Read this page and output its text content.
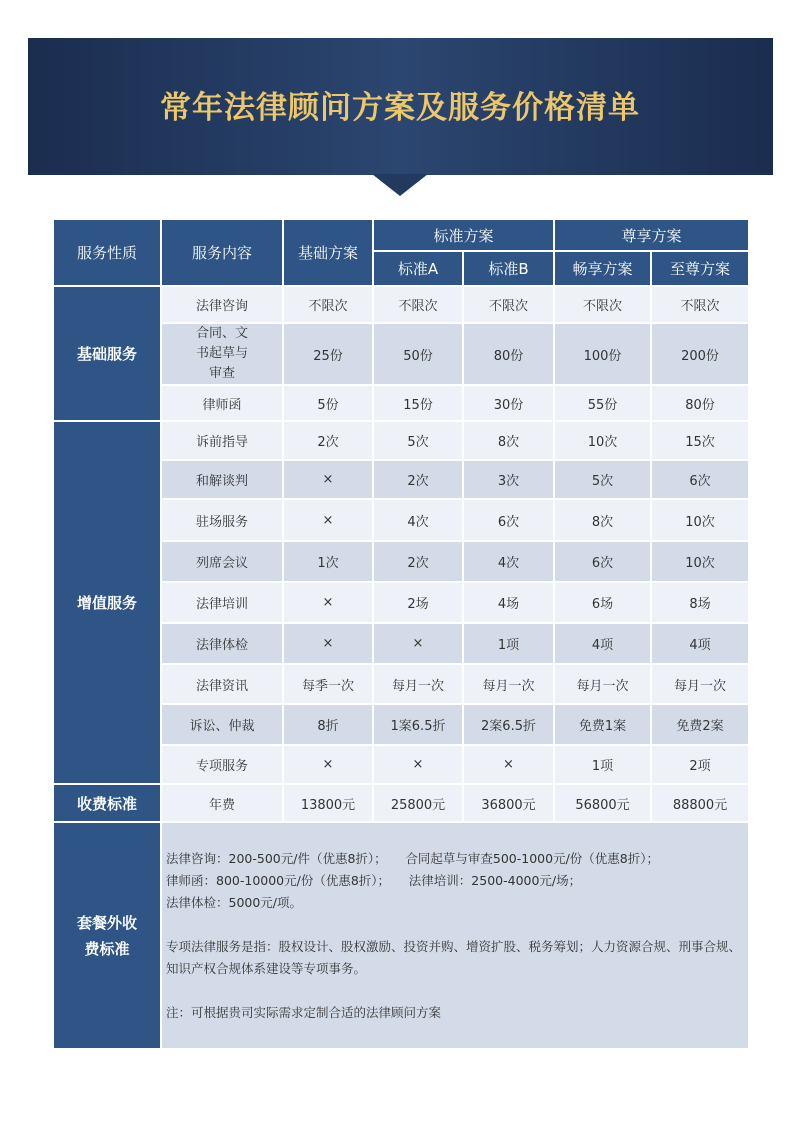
常年法律顾问方案及服务价格清单
服务性质	服务内容	基础方案	标准方案		尊享方案	
			标准A	标准B	畅享方案	至尊方案
基础服务	法律咨询	不限次	不限次	不限次	不限次	不限次
	合同、文书起草与审查	25份	50份	80份	100份	200份
	律师函	5份	15份	30份	55份	80份
增值服务	诉前指导	2次	5次	8次	10次	15次
	和解谈判	×	2次	3次	5次	6次
	驻场服务	×	4次	6次	8次	10次
	列席会议	1次	2次	4次	6次	10次
	法律培训	×	2场	4场	6场	8场
	法律体检	×	×	1项	4项	4项
	法律资讯	每季一次	每月一次	每月一次	每月一次	每月一次
	诉讼、仲裁	8折	1案6.5折	2案6.5折	免费1案	免费2案
	专项服务	×	×	×	1项	2项
收费标准	年费	13800元	25800元	36800元	56800元	88800元
套餐外收费标准	法律咨询：200-500元/件（优惠8折）；　　合同起草与审查500-1000元/份（优惠8折）；

律师函：800-10000元/份（优惠8折）；　　法律培训：2500-4000元/场；

法律体检：5000元/项。

专项法律服务是指：股权设计、股权激励、投资并购、增资扩股、税务筹划；人力资源合规、刑事合规、知识产权合规体系建设等专项事务。

注：可根据贵司实际需求定制合适的法律顾问方案					
